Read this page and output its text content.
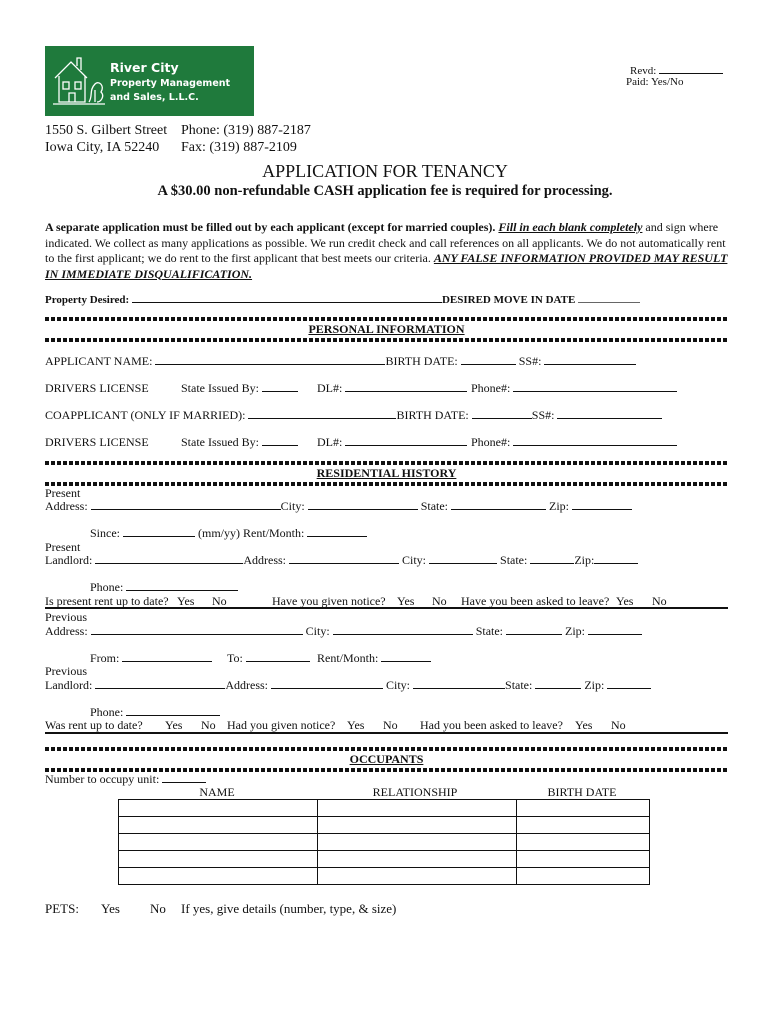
River City
Property Management
and Sales, L.L.C.
Revd:
Paid: Yes/No
1550 S. Gilbert Street
Iowa City, IA 52240
Phone: (319) 887-2187
Fax: (319) 887-2109
APPLICATION FOR TENANCY
A $30.00 non-refundable CASH application fee is required for processing.
A separate application must be filled out by each applicant (except for married couples). Fill in each blank completely and sign where indicated. We collect as many applications as possible. We run credit check and call references on all applicants. We do not automatically rent to the first applicant; we do rent to the first applicant that best meets our criteria. ANY FALSE INFORMATION PROVIDED MAY RESULT IN IMMEDIATE DISQUALIFICATION.
Property Desired:	DESIRED MOVE IN DATE
PERSONAL INFORMATION
APPLICANT NAME:	BIRTH DATE:	SS#:
DRIVERS LICENSE	State Issued By:	DL#:	Phone#:
COAPPLICANT (ONLY IF MARRIED):	BIRTH DATE:	SS#:
DRIVERS LICENSE	State Issued By:	DL#:	Phone#:
RESIDENTIAL HISTORY
Present
Address:	City:	State:	Zip:
Since:	(mm/yy) Rent/Month:
Present
Landlord:	Address:	City:	State:	Zip:
Phone:
Is present rent up to date? Yes No	Have you given notice? Yes No Have you been asked to leave? Yes No
Previous
Address:	City:	State:	Zip:
From:	To:	Rent/Month:
Previous
Landlord:	Address:	City:	State:	Zip:
Phone:
Was rent up to date? Yes No Had you given notice? Yes No Had you been asked to leave? Yes No
OCCUPANTS
Number to occupy unit:
NAME	RELATIONSHIP	BIRTH DATE

PETS: Yes No If yes, give details (number, type, & size)
